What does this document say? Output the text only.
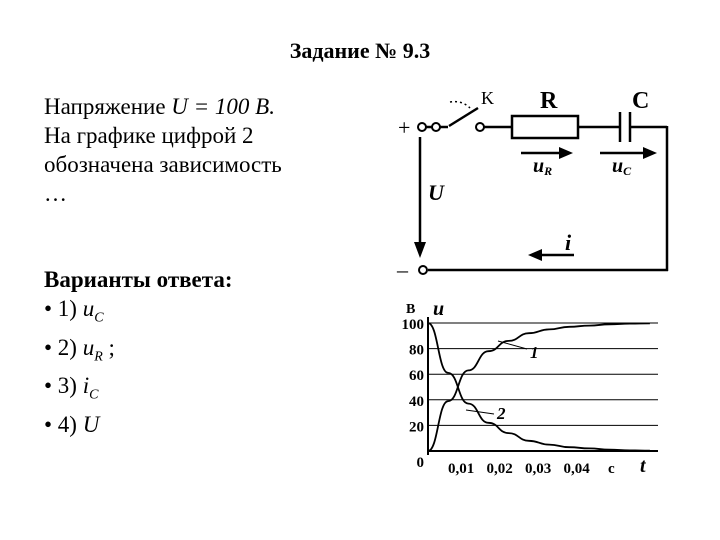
Задание № 9.3
Напряжение U = 100 В.
На графике цифрой 2
обозначена зависимость
…
Варианты ответа:
• 1) $u_C$
• 2) $u_R$ ;
• 3) $i_C$
• 4) U
+
–
K R	C
U
uR	uC
i
0
20
40
60
80
100
0,01 0,02 0,03 0,04
В u
с t
1
2
